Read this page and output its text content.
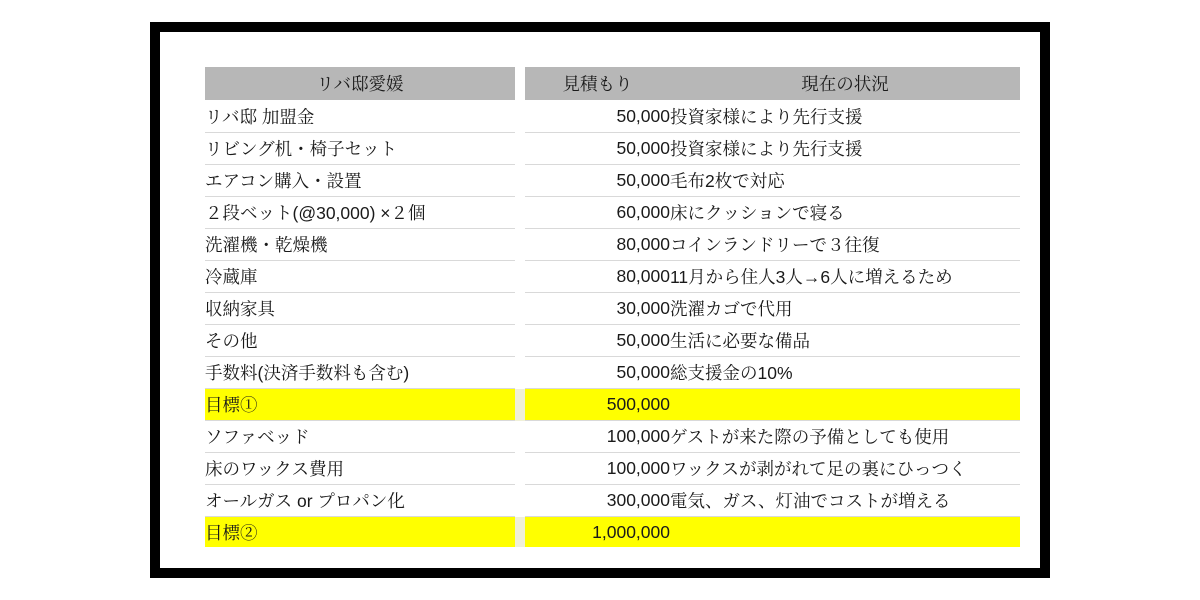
リバ邸愛媛		見積もり	現在の状況
リバ邸 加盟金		50,000	投資家様により先行支援
リビング机・椅子セット		50,000	投資家様により先行支援
エアコン購入・設置		50,000	毛布2枚で対応
２段ベット(@30,000) ×２個		60,000	床にクッションで寝る
洗濯機・乾燥機		80,000	コインランドリーで３往復
冷蔵庫		80,000	11月から住人3人→6人に増えるため
収納家具		30,000	洗濯カゴで代用
その他		50,000	生活に必要な備品
手数料(決済手数料も含む)		50,000	総支援金の10%
目標①		500,000	
ソファベッド		100,000	ゲストが来た際の予備としても使用
床のワックス費用		100,000	ワックスが剥がれて足の裏にひっつく
オールガス or プロパン化		300,000	電気、ガス、灯油でコストが増える
目標②		1,000,000	
